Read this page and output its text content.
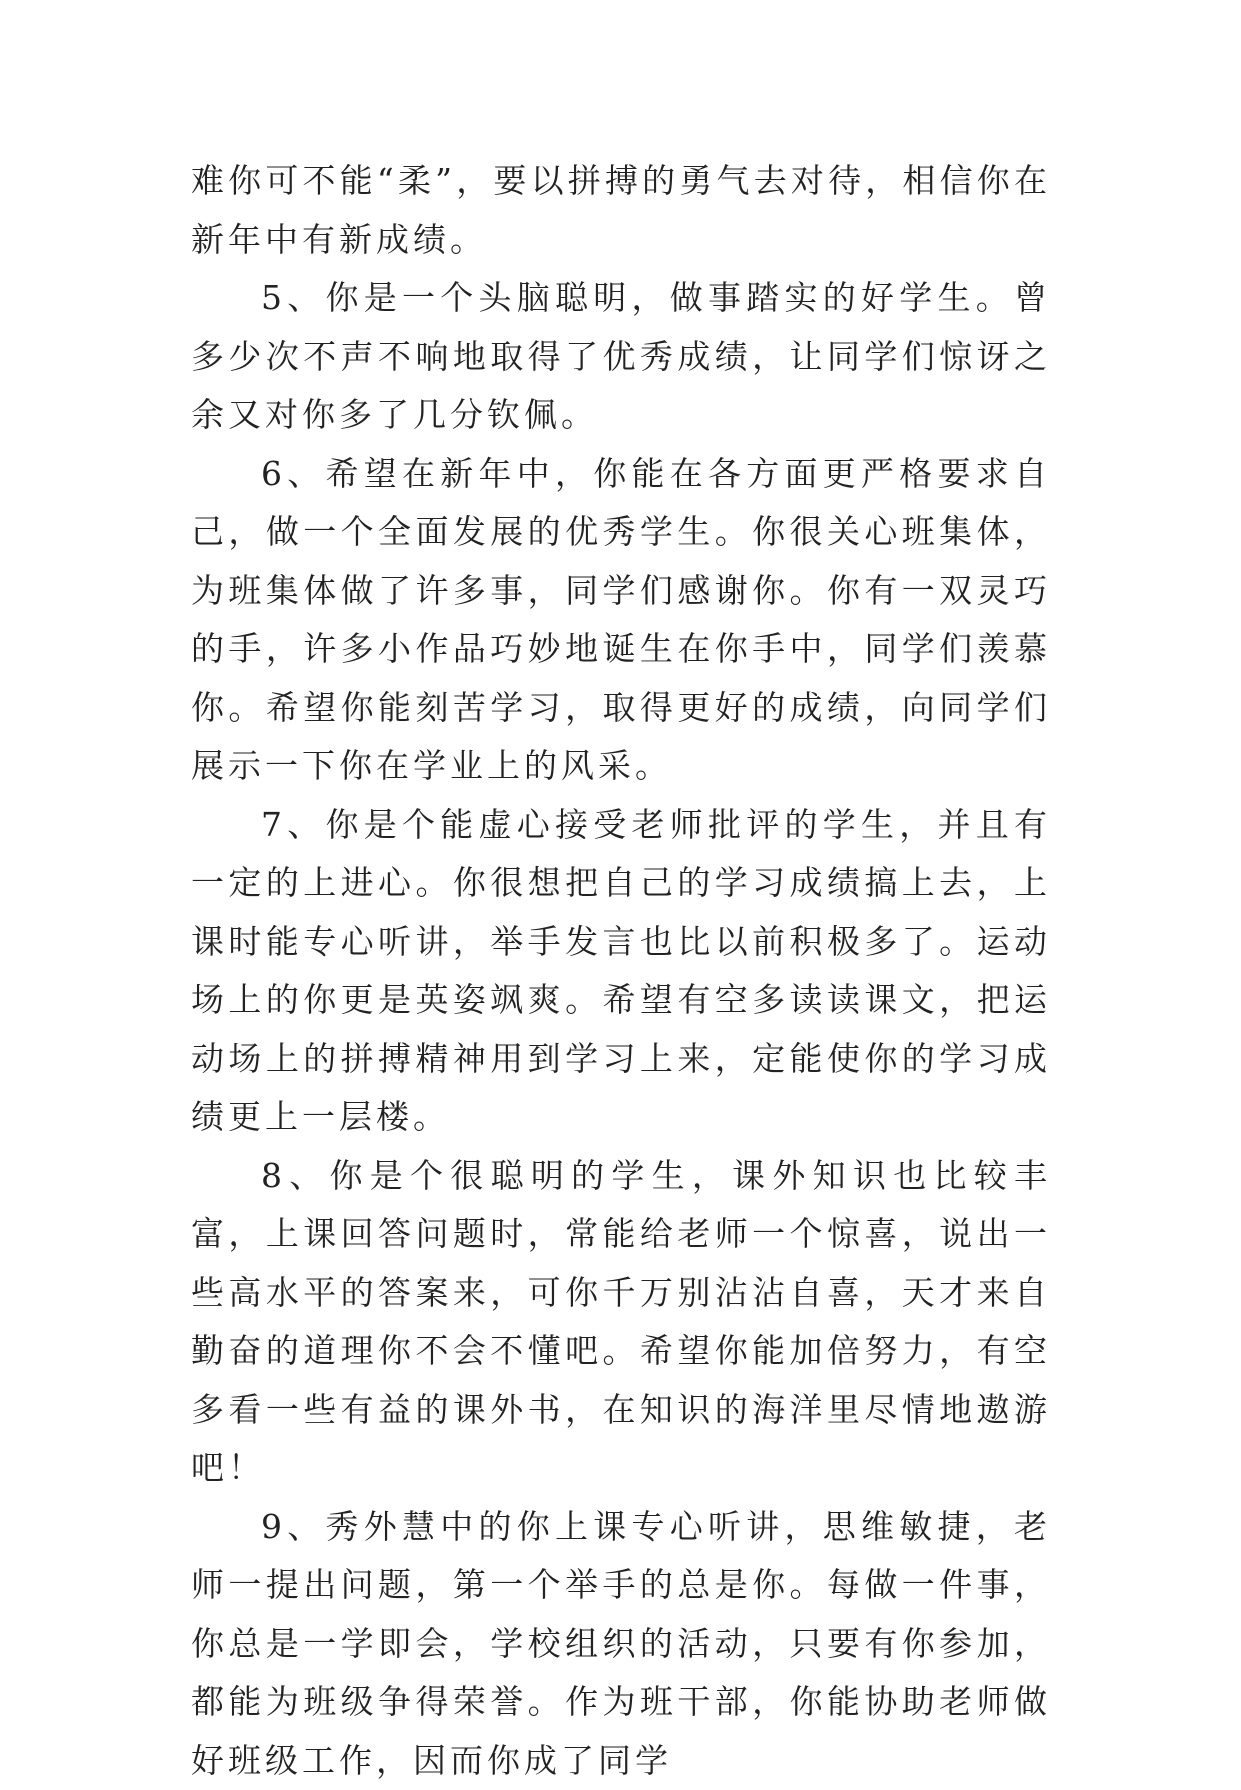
难你可不能“柔”，要以拼搏的勇气去对待，相信你在新年中有新成绩。

5、你是一个头脑聪明，做事踏实的好学生。曾多少次不声不响地取得了优秀成绩，让同学们惊讶之余又对你多了几分钦佩。

6、希望在新年中，你能在各方面更严格要求自己，做一个全面发展的优秀学生。你很关心班集体，为班集体做了许多事，同学们感谢你。你有一双灵巧的手，许多小作品巧妙地诞生在你手中，同学们羡慕你。希望你能刻苦学习，取得更好的成绩，向同学们展示一下你在学业上的风采。

7、你是个能虚心接受老师批评的学生，并且有一定的上进心。你很想把自己的学习成绩搞上去，上课时能专心听讲，举手发言也比以前积极多了。运动场上的你更是英姿飒爽。希望有空多读读课文，把运动场上的拼搏精神用到学习上来，定能使你的学习成绩更上一层楼。

8、你是个很聪明的学生，课外知识也比较丰富，上课回答问题时，常能给老师一个惊喜，说出一些高水平的答案来，可你千万别沾沾自喜，天才来自勤奋的道理你不会不懂吧。希望你能加倍努力，有空多看一些有益的课外书，在知识的海洋里尽情地遨游吧！

9、秀外慧中的你上课专心听讲，思维敏捷，老师一提出问题，第一个举手的总是你。每做一件事，你总是一学即会，学校组织的活动，只要有你参加，都能为班级争得荣誉。作为班干部，你能协助老师做好班级工作，因而你成了同学
